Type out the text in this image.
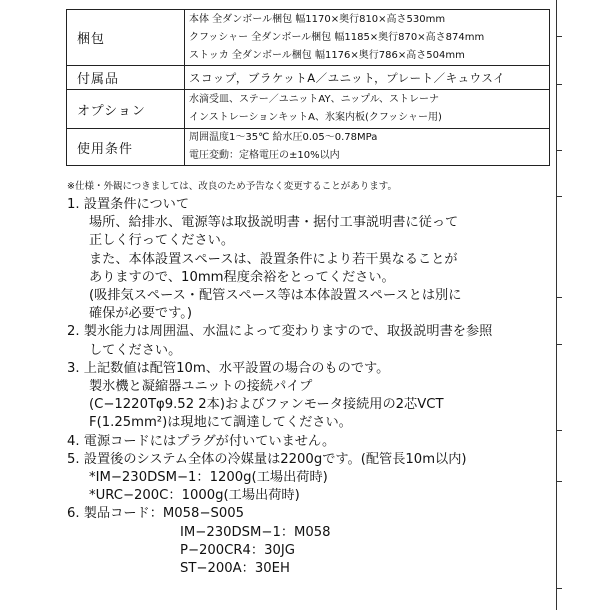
梱包	本体 全ダンボール梱包 幅1170×奥行810×高さ530mm
クフッシャー 全ダンボール梱包 幅1185×奥行870×高さ874mm
ストッカ 全ダンボール梱包 幅1176×奥行786×高さ504mm

付属品	スコップ，ブラケットA／ユニット，プレート／キュウスイ
オプション	水滴受皿、ステー／ユニットAY、ニップル、ストレーナ
インストレーションキットA、氷案内板(クフッシャー用)

使用条件	周囲温度1～35℃ 給水圧0.05～0.78MPa
電圧変動：定格電圧の±10%以内
※仕様・外観につきましては、改良のため予告なく変更することがあります。
1. 設置条件について
場所、給排水、電源等は取扱説明書・据付工事説明書に従って
正しく行ってください。
また、本体設置スペースは、設置条件により若干異なることが
ありますので、10mm程度余裕をとってください。
(吸排気スペース・配管スペース等は本体設置スペースとは別に
確保が必要です。)
2. 製氷能力は周囲温、水温によって変わりますので、取扱説明書を参照
してください。
3. 上記数値は配管10m、水平設置の場合のものです。
製氷機と凝縮器ユニットの接続パイプ
(C−1220Tφ9.52 2本)およびファンモータ接続用の2芯VCT
F(1.25mm²)は現地にて調達してください。
4. 電源コードにはプラグが付いていません。
5. 設置後のシステム全体の冷媒量は2200gです。(配管長10m以内)
*IM−230DSM−1：1200g(工場出荷時)
*URC−200C：1000g(工場出荷時)
6. 製品コード：M058−S005
IM−230DSM−1：M058
P−200CR4：30JG
ST−200A：30EH
